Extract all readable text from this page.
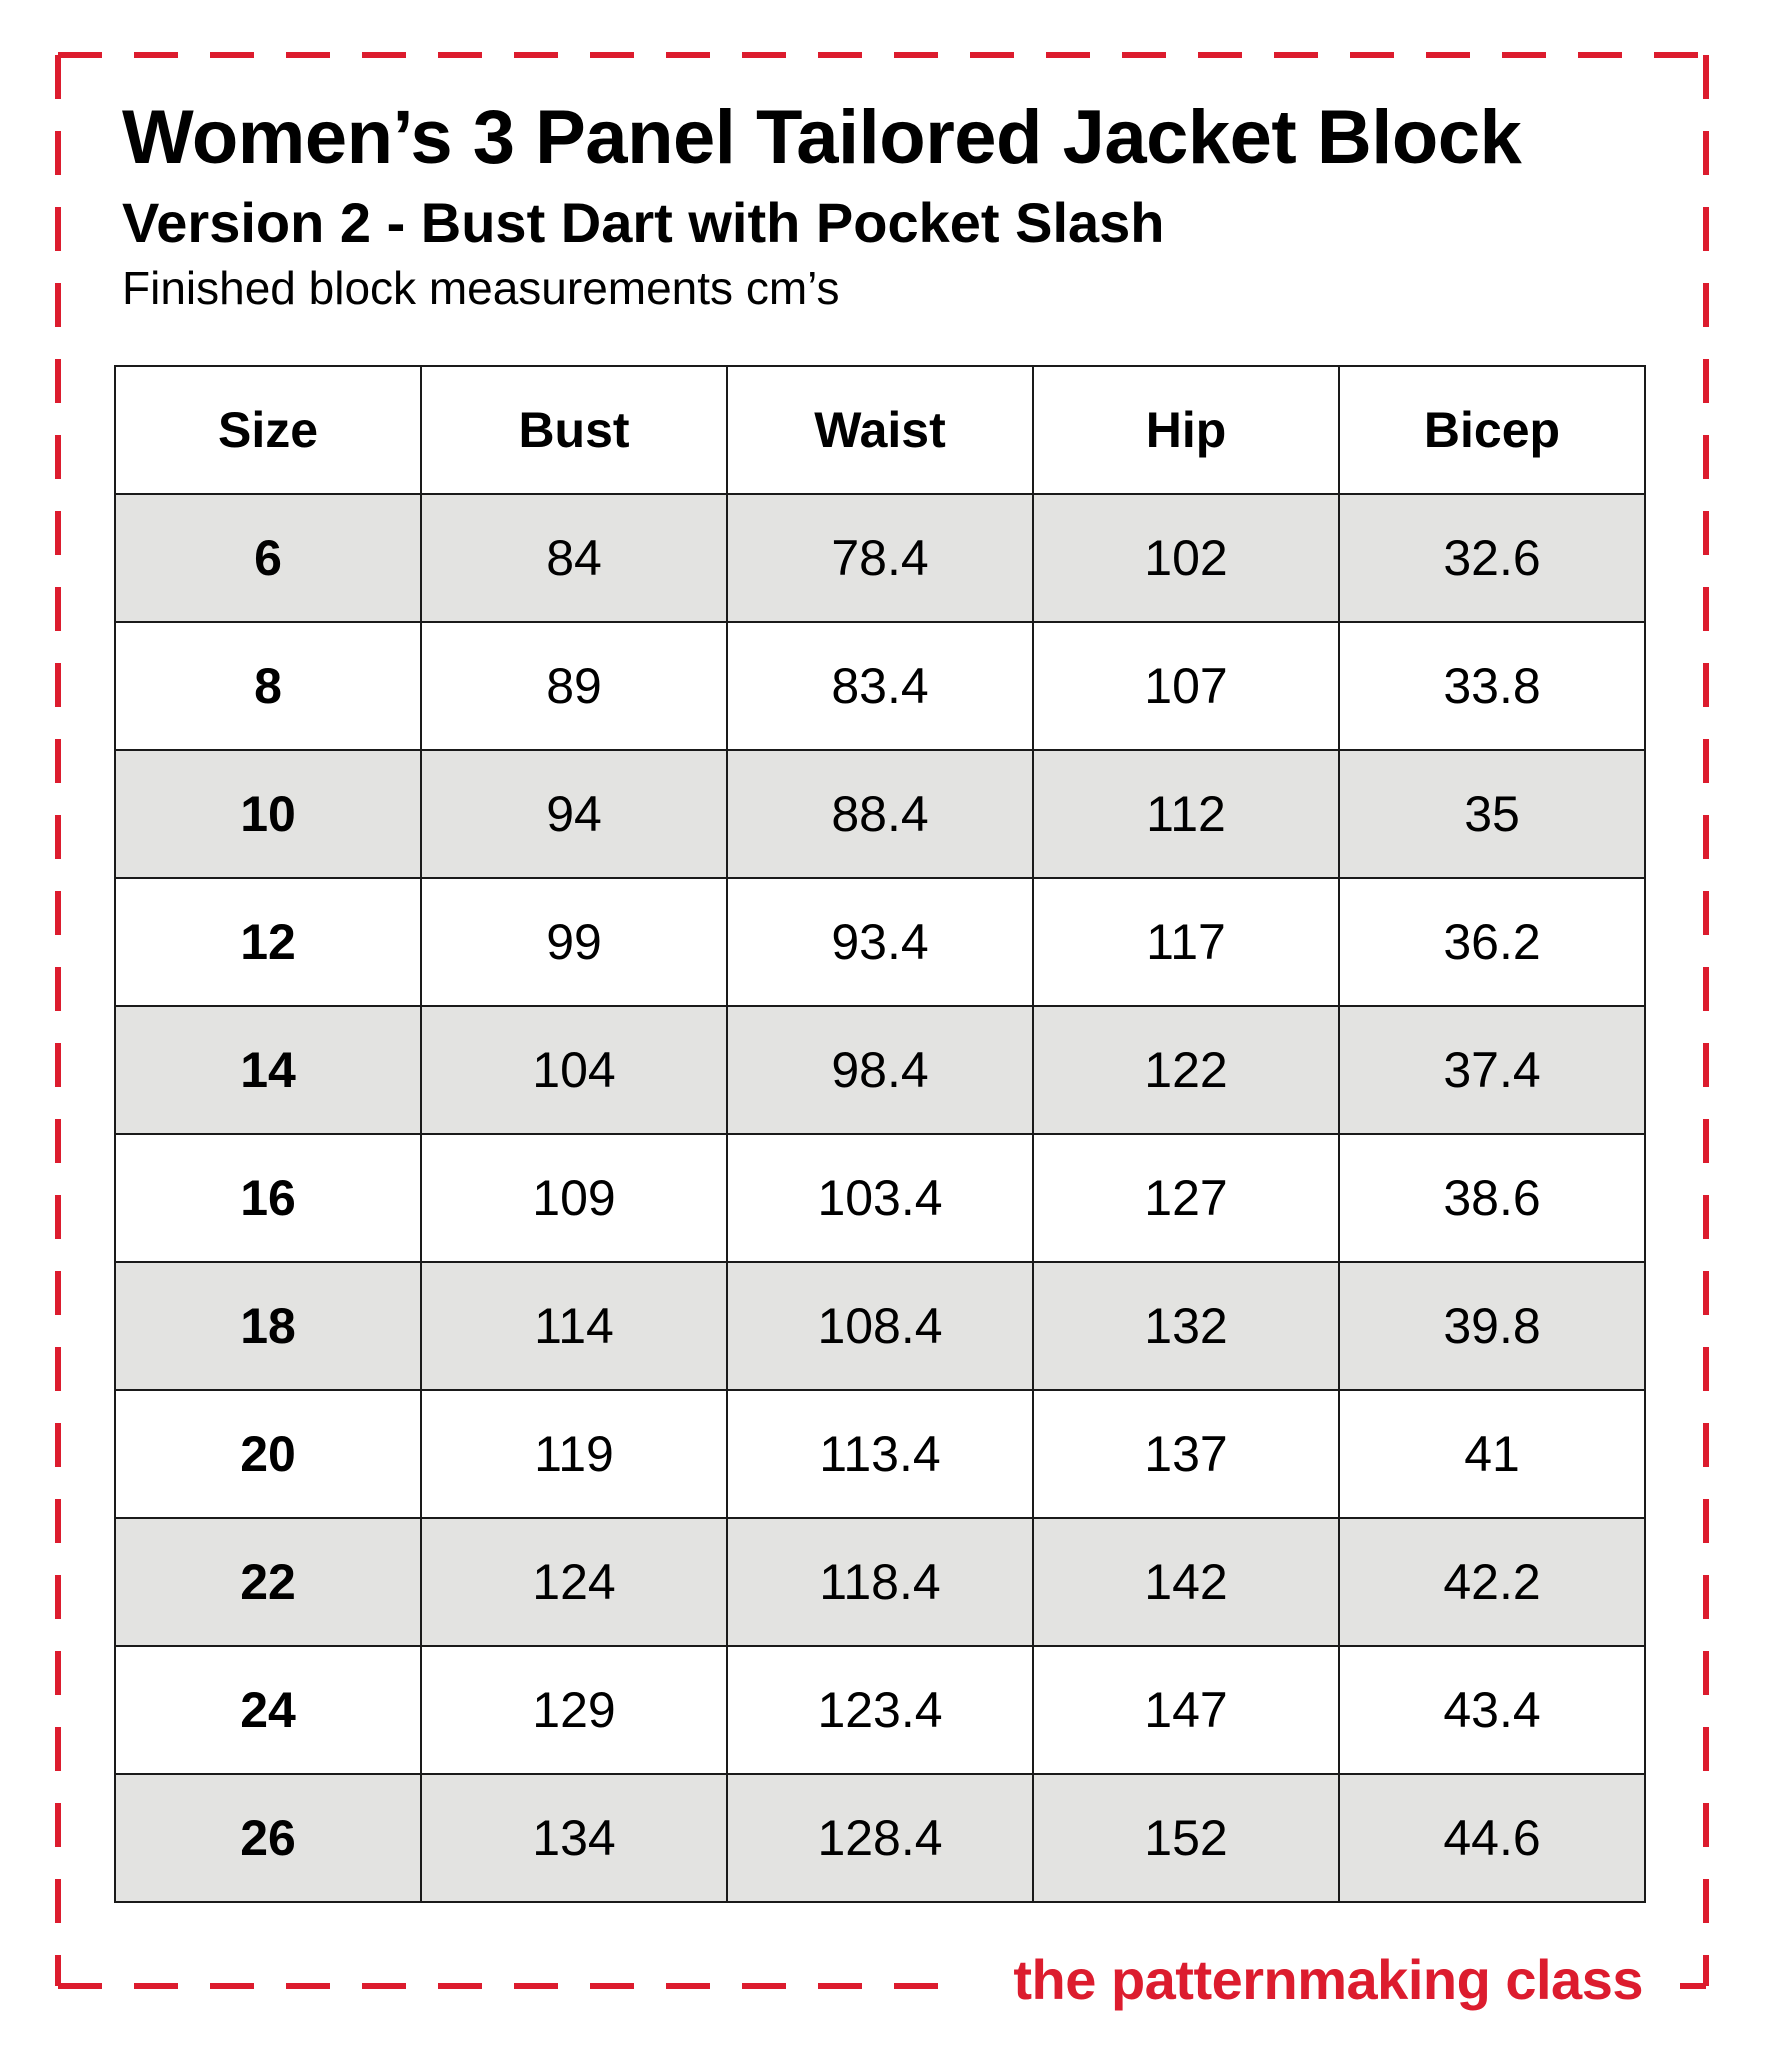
Women’s 3 Panel Tailored Jacket Block
Version 2 - Bust Dart with Pocket Slash

Finished block measurements cm’s

Size	Bust	Waist	Hip	Bicep
6	84	78.4	102	32.6
8	89	83.4	107	33.8
10	94	88.4	112	35
12	99	93.4	117	36.2
14	104	98.4	122	37.4
16	109	103.4	127	38.6
18	114	108.4	132	39.8
20	119	113.4	137	41
22	124	118.4	142	42.2
24	129	123.4	147	43.4
26	134	128.4	152	44.6

the patternmaking class
